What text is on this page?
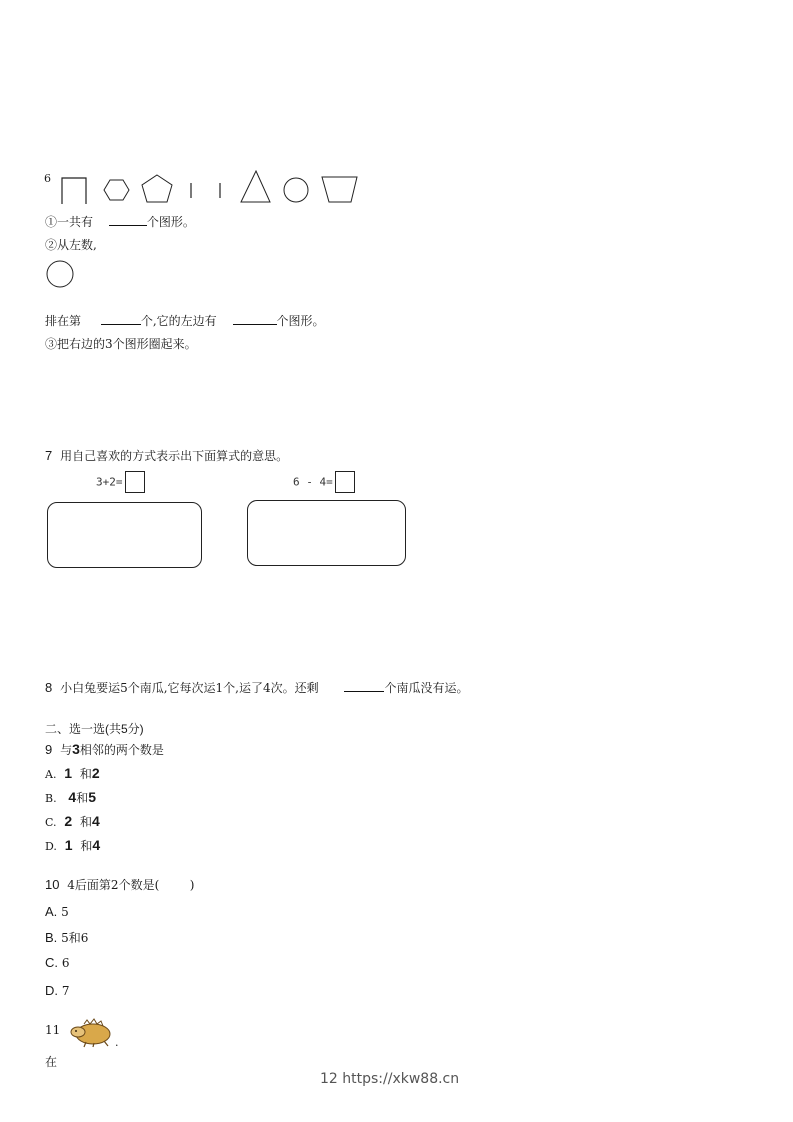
6
①一共有	个图形。
②从左数,
排在第	个,它的左边有	个图形。
③把右边的3个图形圈起来。
7 用自己喜欢的方式表示出下面算式的意思。
3+2=	6 - 4=
8 小白兔要运5个南瓜,它每次运1个,运了4次。还剩	个南瓜没有运。
二、选一选(共5分)
9 与3相邻的两个数是
A. 1 和2
B. 4和5
C. 2 和4
D. 1 和4
10 4后面第2个数是(        )
A. 5
B. 5和6
C. 6
D. 7
11
.
在
12 https://xkw88.cn
